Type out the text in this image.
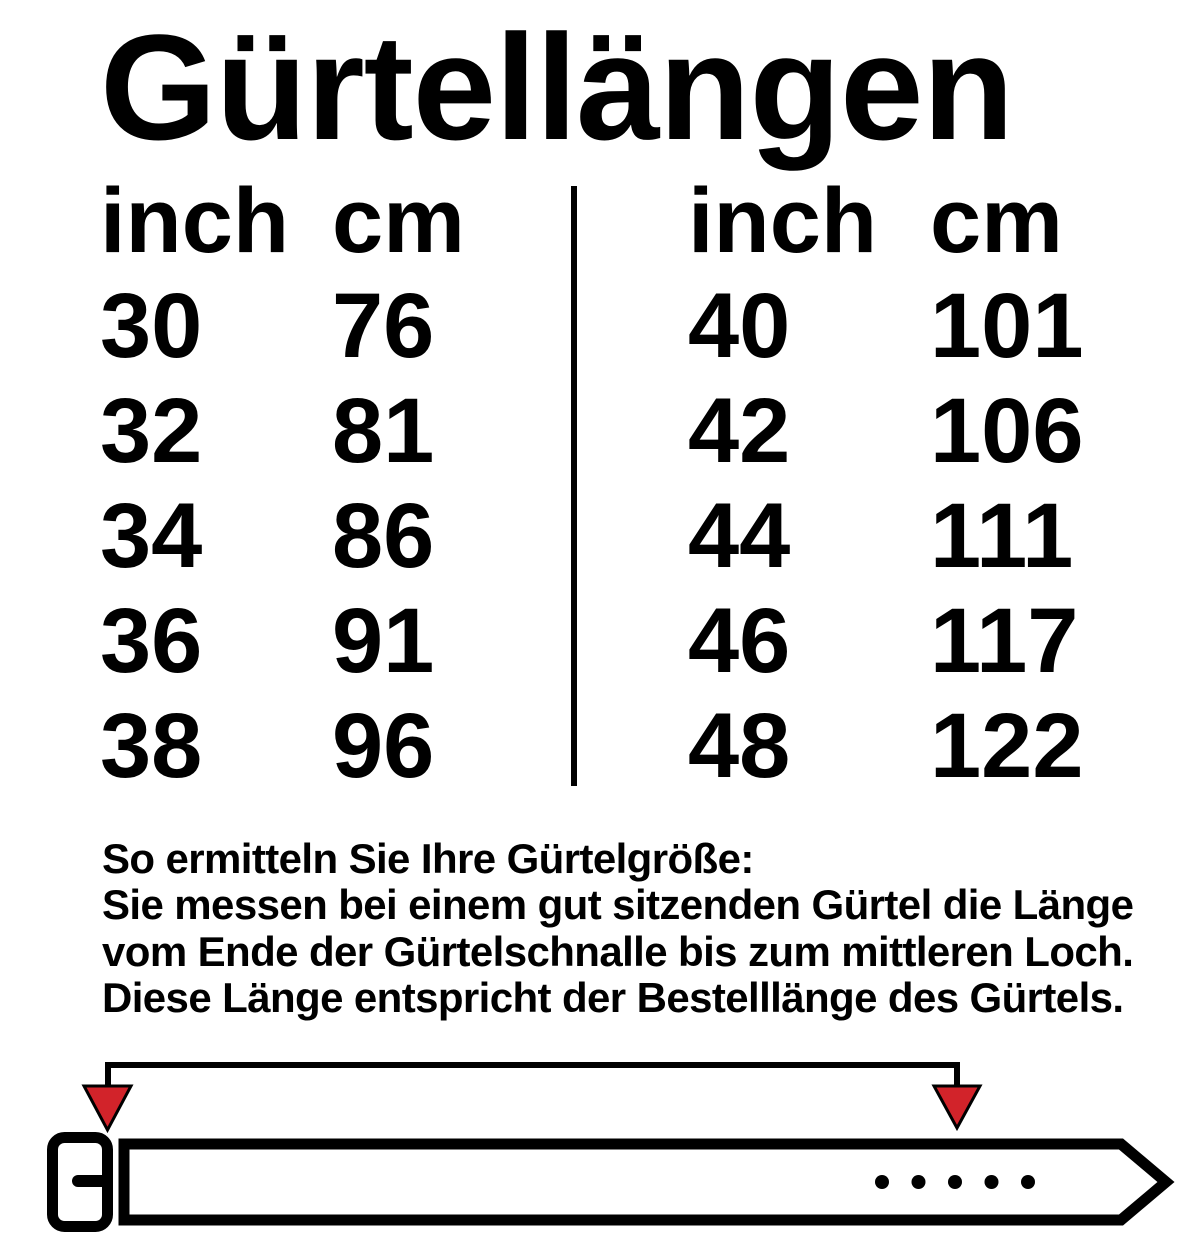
Gürtellängen
inch cm
30	76
32	81
34	86
36	91
38	96
inch cm
40	101
42	106
44	111
46	117
48	122
So ermitteln Sie Ihre Gürtelgröße:
Sie messen bei einem gut sitzenden Gürtel die Länge
vom Ende der Gürtelschnalle bis zum mittleren Loch.
Diese Länge entspricht der Bestelllänge des Gürtels.
